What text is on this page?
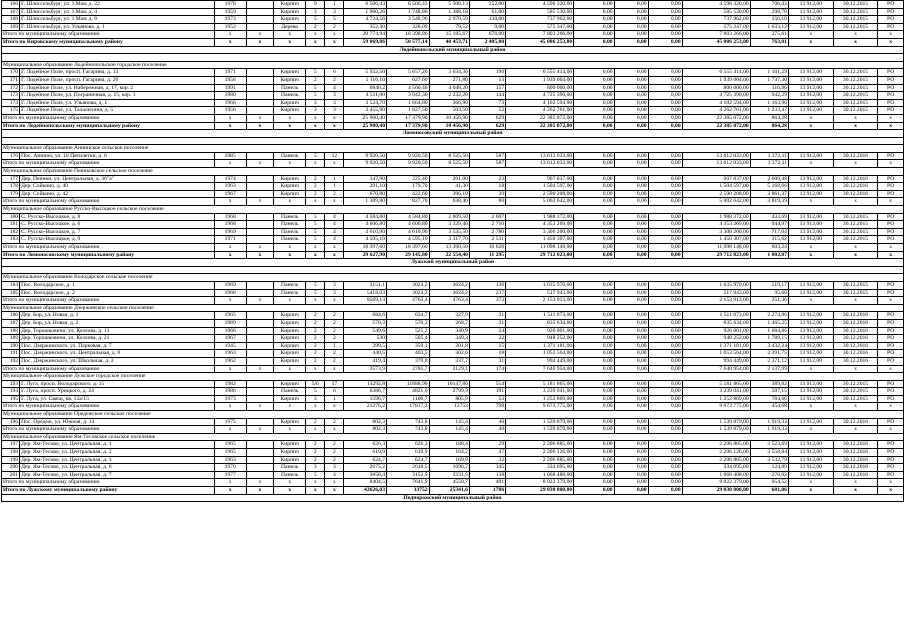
166	Г. Шлиссельбург, ул. 1 Мая, д. 22	1978		Кирпич	9	1	6 506,43	6 506,43	5 308,13	252,00	4 596 320,00	0,00	0,00	0,00	4 596 320,00	706,43	13 912,00	30.12.2015	РО
167	Г. Шлиссельбург, ул. 1 Мая, д. 4	1959		Кирпич	3	3	1 960,26	1 748,86	1 388,18	61,00	585 530,00	0,00	0,00	0,00	585 530,00	298,70	13 912,00	30.12.2015	РО
168	Г. Шлиссельбург, ул. 1 Мая, д. 8	1973		Кирпич	5	5	4 724,56	3 548,96	2 970,59	130,00	737 962,00	0,00	0,00	0,00	737 962,00	156,18	13 912,00	30.12.2015	РО
169	Г. Шлиссельбург, ул. Ульянова, д. 1	1952		Дерево	2	2	352,30	328,09	79,52	9,00	575 347,00	0,00	0,00	0,00	575 347,00	1 633,12	13 912,00	30.12.2015	РО
Итого по муниципальному образованию		x	x	x	x	x	20 774,94	18 398,86	15 185,67	676,00	7 803 266,00	0,00	0,00	0,00	7 803 266,00	375,61	x	x	x
Итого по Кировскому муниципальному району		x	x	x	x	x	59 069,86	50 577,14	40 453,71	2 405,00	45 086 253,00	0,00	0,00	0,00	45 086 253,00	763,01	x	x	x
Лодейнопольский муниципальный район																			

Муниципальное образование Лодейнопольское городское поселение																			
170	Г. Лодейное Поле, просп. Гагарина, д. 13	1971		Кирпич	5	6	5 932,50	5 657,20	3 034,30	190	6 555 414,00	0,00	0,00	0,00	6 555 414,00	1 101,29	13 912,00	30.12.2015	РО
171	Г. Лодейное Поле, просп. Гагарина, д. 20	1958		Кирпич	2	2	1 116,10	627,60	271,80	13	1 939 004,00	0,00	0,00	0,00	1 939 004,00	1 737,30	13 912,00	30.12.2015	РО
172	Г. Лодейное Поле, ул. Набережная, д. 17, кор. 2	1991		Панель	5	4	6840,2	4 560,40	4 048,20	157	800 000,00	0,00	0,00	0,00	800 000,00	116,96	13 912,00	30.12.2015	РО
173	Г. Лодейное Поле, ул. Пограничная, д. 15, кор. 1	1980		Панель	5	3	4 511,00	3 042,30	2 232,20	144	4 725 390,00	0,00	0,00	0,00	4 725 390,00	942,29	13 912,00	30.12.2015	РО
174	Г. Лодейное Поле, ул. Ульянова, д. 1	1966		Кирпич	3	3	3 524,70	1 664,80	366,90	73	4 102 594,00	0,00	0,00	0,00	4 102 594,00	1 163,96	13 912,00	30.12.2015	РО
175	Г. Лодейное Поле, ул. Талалихина, д. 5	1956		Кирпич	3	3	3 455,90	1 827,50	503,50	52	4 262 761,00	0,00	0,00	0,00	4 262 761,00	1 233,47	13 912,00	30.12.2015	РО
Итого по муниципальному образованию		x	x	x	x	x	25 900,40	17 379,90	10 456,90	629	22 385 072,00	0,00	0,00	0,00	22 385 072,00	864,28	x	x	x
Итого по Лодейнопольскому муниципальному району		x	x	x	x	x	25 900,40	17 379,90	10 456,90	629	22 385 072,00	0,00	0,00	0,00	22 385 072,00	864,28	x	x	x
Ломоносовский муниципальный район																			

Муниципальное образование Аннинское сельское поселение																			
176	Пос. Аннино, ул. 10 Пятилетки, д. 6	1985		Панель	5	12	9 920,50	9 920,50	8 525,50	587	13 612 033,00	0,00	0,00	0,00	13 612 033,00	1 372,11	13 912,00	30.12.2016	РО
Итого по муниципальному образованию		x	x	x	x	x	9 920,50	9 920,50	8 525,50	587	13 612 033,00	0,00	0,00	0,00	13 612 033,00	1 372,11	x	x	x
Муниципальное образование Пениковское сельское поселение																			
177	Дер. Пеники, ул. Центральная, д. 36"а"	1974		Кирпич	2	1	347,90	225,40	201,00	23	907 837,00	0,00	0,00	0,00	907 837,00	2 609,48	13 912,00	30.12.2016	РО
178	Дер. Сойкино, д. 40	1963		Кирпич	2	1	291,10	179,70	41,30	18	1 504 597,00	0,00	0,00	0,00	1 504 597,00	5 168,66	13 912,00	30.12.2016	РО
179	Дер. Сойкино, д. 42	1967		Кирпич	2	2	670,80	422,60	396,10	39	2 590 208,00	0,00	0,00	0,00	2 590 208,00	3 861,37	13 912,00	30.12.2016	РО
Итого по муниципальному образованию		x	x	x	x	x	1 309,80	827,70	638,40	80	5 002 642,00	0,00	0,00	0,00	5 002 642,00	3 819,39	x	x	x
Муниципальное образование Русско-Высоцкое сельское поселение																			
180	С. Русско-Высоцкое, д. 8	1968		Панель	5	4	4 584,80	4 584,80	2 809,50	2 607	1 988 372,00	0,00	0,00	0,00	1 988 372,00	433,69	13 912,00	30.12.2015	РО
181	С. Русско-Высоцкое, д. 6	1968		Панель	5	4	4 606,80	4 606,80	3 329,40	2 710	4 353 269,00	0,00	0,00	0,00	4 353 269,00	944,97	13 912,00	30.12.2015	РО
182	С. Русско-Высоцкое, д. 7	1969		Панель	5	4	4 610,90	4 610,90	3 535,50	2 780	3 306 200,00	0,00	0,00	0,00	3 306 200,00	717,04	13 912,00	30.12.2015	РО
183	С. Русско-Высоцкое, д. 9	1971		Панель	5	4	4 595,10	4 595,10	3 317,70	2 531	1 450 307,00	0,00	0,00	0,00	1 450 307,00	315,62	13 912,00	30.12.2015	РО
Итого по муниципальному образованию		x	x	x	x	x	18 397,60	18 397,60	13 390,50	10 628	11 098 148,00	0,00	0,00	0,00	11 098 148,00	603,24	x	x	x
Итого по Ломоносовскому муниципальному району		x	x	x	x	x	29 627,90	29 145,80	22 554,40	11 295	29 712 823,00	0,00	0,00	0,00	29 712 823,00	1 002,87	x	x	x
Лужский муниципальный район																			

Муниципальное образование Володарское сельское поселение																			
184	Пос. Володарское, д. 1	1969		Панель	5	3	3151,1	3024,2	3024,2	136	1 635 970,00	0,00	0,00	0,00	1 635 970,00	519,17	13 912,00	30.12.2015	РО
185	Пос. Володарское, д. 2	1968		Панель	5	3	5418,03	3024,2	3024,2	237	517 943,00	0,00	0,00	0,00	517 943,00	95,60	13 912,00	30.12.2015	РО
Итого по муниципальному образованию		x	x	x	x	x	8569,13	4763,4	4763,4	373	2 153 913,00	0,00	0,00	0,00	2 153 913,00	251,36	x	x	x
Муниципальное образование Дзержинское сельское поселение																			
186	Дер. Бор, ул. Новая, д. 1	1965		Кирпич	2	2	684,6	634,7	327,9	31	1 511 873,00	0,00	0,00	0,00	1 511 873,00	2 274,86	13 912,00	30.12.2016	РО
187	Дер. Бор, ул. Новая, д. 2	1989		Кирпич	2	2	570,3	570,3	268,7	31	835 634,00	0,00	0,00	0,00	835 634,00	1 465,25	13 912,00	30.12.2016	РО
188	Дер. Торошковичи, ул. Козлова, д. 13	1966		Кирпич	2	2	549,6	525,2	340,9	24	926 001,00	0,00	0,00	0,00	926 001,00	1 684,86	13 912,00	30.12.2016	РО
189	Дер. Торошковичи, ул. Козлова, д. 21	1967		Кирпич	2	2	530	505,4	349,3	22	948 252,00	0,00	0,00	0,00	948 252,00	1 789,15	13 912,00	30.12.2016	РО
190	Пос. Дзержинского, ул. Парковая, д. 7	1945		Кирпич	2	1	399,5	359,1	201,8	15	1 371 181,00	0,00	0,00	0,00	1 371 181,00	3 432,24	13 912,00	30.12.2016	РО
191	Пос. Дзержинского, ул. Центральная, д. 8	1963		Кирпич	2	2	440,5	403,5	302,6	18	1 053 564,00	0,00	0,00	0,00	1 053 564,00	2 391,75	13 912,00	30.12.2016	РО
192	Пос. Дзержинского, ул. Школьная, д. 2	1962		Кирпич	2	2	419,4	379,8	337,7	31	994 449,00	0,00	0,00	0,00	994 449,00	2 371,12	13 912,00	30.12.2016	РО
Итого по муниципальному образованию		x	x	x	x	x	3573,9	2785,7	2129,1	174	7 640 954,00	0,00	0,00	0,00	7 640 954,00	2 137,99	x	x	x
Муниципальное образование Лужское городское поселение																			
193	Г. Луга, просп. Володарского, д. 15	1982		Кирпич	5/6	17	13292,8	11888,90	10147,80	554	5 181 865,00	0,00	0,00	0,00	5 181 865,00	389,82	13 912,00	30.12.2015	РО
194	Г. Луга, просп. Урицкого, д. 24	1986		Панель	5	6	6386,7	4821,6	2799,3	191	3 239 041,00	0,00	0,00	0,00	3 239 041,00	507,15	13 912,00	30.12.2015	РО
195	Г. Луга, ул. Связи, кв. 12а/15	1973		Кирпич	3	1	1596,7	1106,7	805,9	53	1 252 869,00	0,00	0,00	0,00	1 252 869,00	784,66	13 912,00	30.12.2015	РО
Итого по муниципальному образованию		x	x	x	x	x	21276,2	17817,2	13753	798	9 673 775,00	0,00	0,00	0,00	9 673 775,00	454,68	x	x	x
Муниципальное образование Оредежское сельское поселение																			
196	Пос. Оредеж, ул. Южная, д. 14	1975		Кирпич	2	2	802,3	743,8	145,4	40	1 539 879,00	0,00	0,00	0,00	1 539 879,00	1 919,33	13 912,00	30.12.2016	РО
Итого по муниципальному образованию		x	x	x	x	x	802,3	743,8	145,4	40	1 539 879,00	0,00	0,00	0,00	1 539 879,00	1 919,33	x	x	x
Муниципальное образование Ям-Тесовское сельское поселение																			
197	Дер. Ям-Тесово, ул. Центральная, д. 1	1965		Кирпич	2	2	626,3	626,3	188,4	29	2 206 885,00	0,00	0,00	0,00	2 206 885,00	3 523,69	13 912,00	30.12.2016	РО
198	Дер. Ям-Тесово, ул. Центральная, д. 2	1965		Кирпич	2	2	619,9	619,9	164,2	47	2 206 126,00	0,00	0,00	0,00	2 206 126,00	3 558,84	13 912,00	30.12.2016	РО
199	Дер. Ям-Тесово, ул. Центральная, д. 3	1963		Кирпич	2	2	624,7	624,7	169,9	32	2 206 885,00	0,00	0,00	0,00	2 206 885,00	3 532,79	13 912,00	30.12.2016	РО
200	Дер. Ям-Тесово, ул. Центральная, д. 6	1970		Панель	3	3	2675,2	2618,5	1696,7	145	334 095,00	0,00	0,00	0,00	334 095,00	124,89	13 912,00	30.12.2016	РО
201	Дер. Ям-Тесово, ул. Центральная, д. 7	1977		Панель	5	4	3858,4	3152,5	2331,5	138	1 068 488,00	0,00	0,00	0,00	1 068 488,00	276,93	13 912,00	30.12.2016	РО
Итого по муниципальному образованию		x	x	x	x	x	8404,5	7641,9	4550,7	401	8 022 379,00	0,00	0,00	0,00	8 022 379,00	954,52	x	x	x
Итого по Лужскому муниципальному району		x	x	x	x	x	42626,03	33752	25341,6	1786	29 030 800,00	0,00	0,00	0,00	29 030 800,00	681,06	x	x	x
Подпорожский муниципальный район																			
